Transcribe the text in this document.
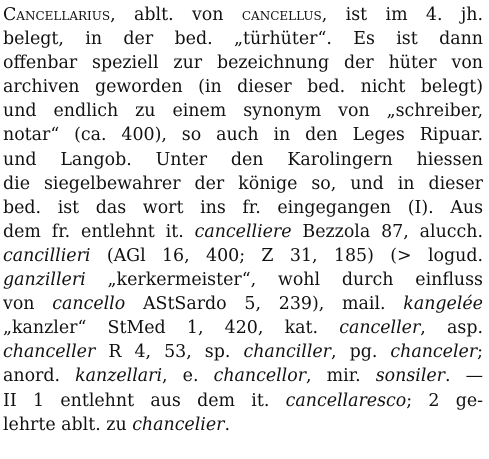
Cancellarius, ablt. von cancellus, ist im 4. jh.
belegt, in der bed. „türhüter“. Es ist dann
offenbar speziell zur bezeichnung der hüter von
archiven geworden (in dieser bed. nicht belegt)
und endlich zu einem synonym von „schreiber,
notar“ (ca. 400), so auch in den Leges Ripuar.
und Langob. Unter den Karolingern hiessen
die siegelbewahrer der könige so, und in dieser
bed. ist das wort ins fr. eingegangen (I). Aus
dem fr. entlehnt it. cancelliere Bezzola 87, alucch.
cancillieri (AGl 16, 400; Z 31, 185) (> logud.
ganzilleri „kerkermeister“, wohl durch einfluss
von cancello AStSardo 5, 239), mail. kangelée
„kanzler“ StMed 1, 420, kat. canceller, asp.
chanceller R 4, 53, sp. chanciller, pg. chanceler;
anord. kanzellari, e. chancellor, mir. sonsiler. —
II 1 entlehnt aus dem it. cancellaresco; 2 ge-
lehrte ablt. zu chancelier.
